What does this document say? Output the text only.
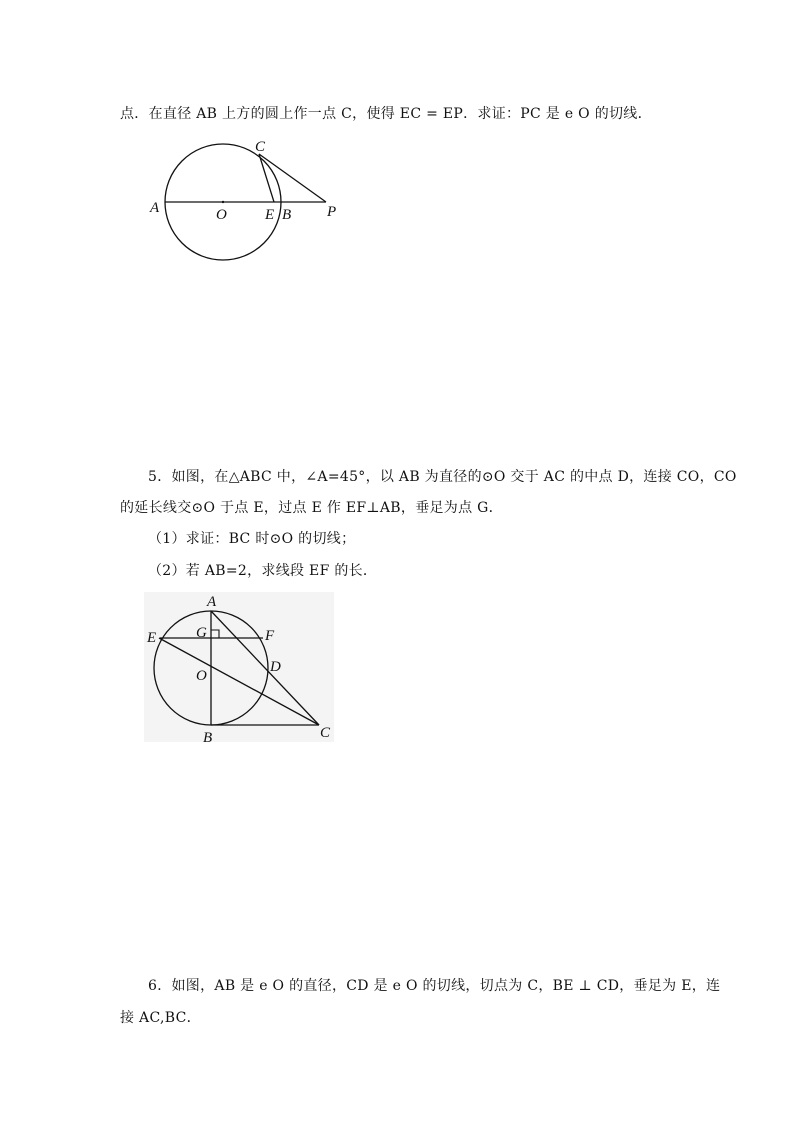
点．在直径 AB 上方的圆上作一点 C，使得 EC = EP．求证：PC 是 e O 的切线．
A	O	E B P
C
5．如图，在△ABC 中，∠A=45°，以 AB 为直径的⊙O 交于 AC 的中点 D，连接 CO，CO
的延长线交⊙O 于点 E，过点 E 作 EF⊥AB，垂足为点 G．
（1）求证：BC 时⊙O 的切线；
（2）若 AB=2，求线段 EF 的长．
A
E	G	F
D
O
B	C
6．如图，AB 是 e O 的直径，CD 是 e O 的切线，切点为 C，BE ⊥ CD，垂足为 E，连
接 AC,BC．
